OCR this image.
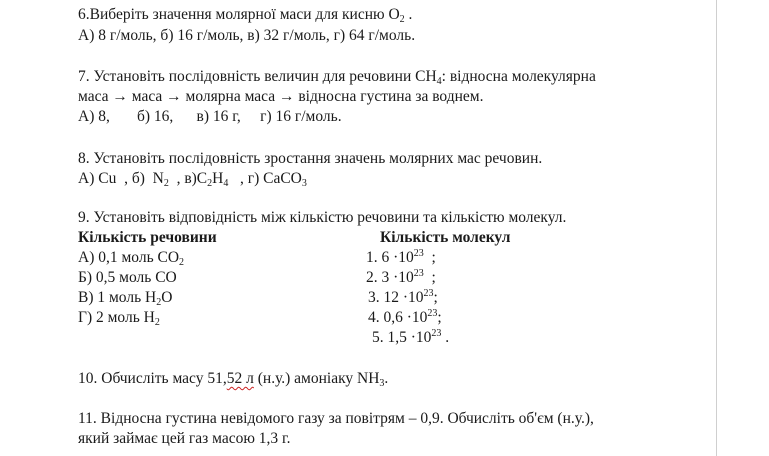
6.Виберіть значення молярної маси для кисню $O_2$ .
А) 8 г/моль, б) 16 г/моль, в) 32 г/моль, г) 64 г/моль.
7. Установіть послідовність величин для речовини $CH_4$: відносна молекулярна
маса → маса → молярна маса → відносна густина за воднем.
А) 8,       б) 16,      в) 16 г,     г) 16 г/моль.
8. Установіть послідовність зростання значень молярних мас речовин.
А) Cu  , б)  $N_2$  , $в)C_2H_4$   , г) CaCO$_3$
9. Установіть відповідність між кількістю речовини та кількістю молекул.
Кількість речовини	Кількість молекул
А) 0,1 моль $CO_2$
Б) 0,5 моль CO
В) 1 моль $H_2O$
Г) 2 моль $H_2$
1. $6 \cdot 10^{23}$  ;
2. $3 \cdot 10^{23}$  ;
3. $12 \cdot 10^{23}$;
4. $0,6 \cdot 10^{23}$;
5. $1,5 \cdot 10^{23}$ .
10. Обчисліть масу 51,52 л (н.у.) амоніаку $NH_3$.
11. Відносна густина невідомого газу за повітрям – 0,9. Обчисліть об'єм (н.у.),
який займає цей газ масою 1,3 г.
